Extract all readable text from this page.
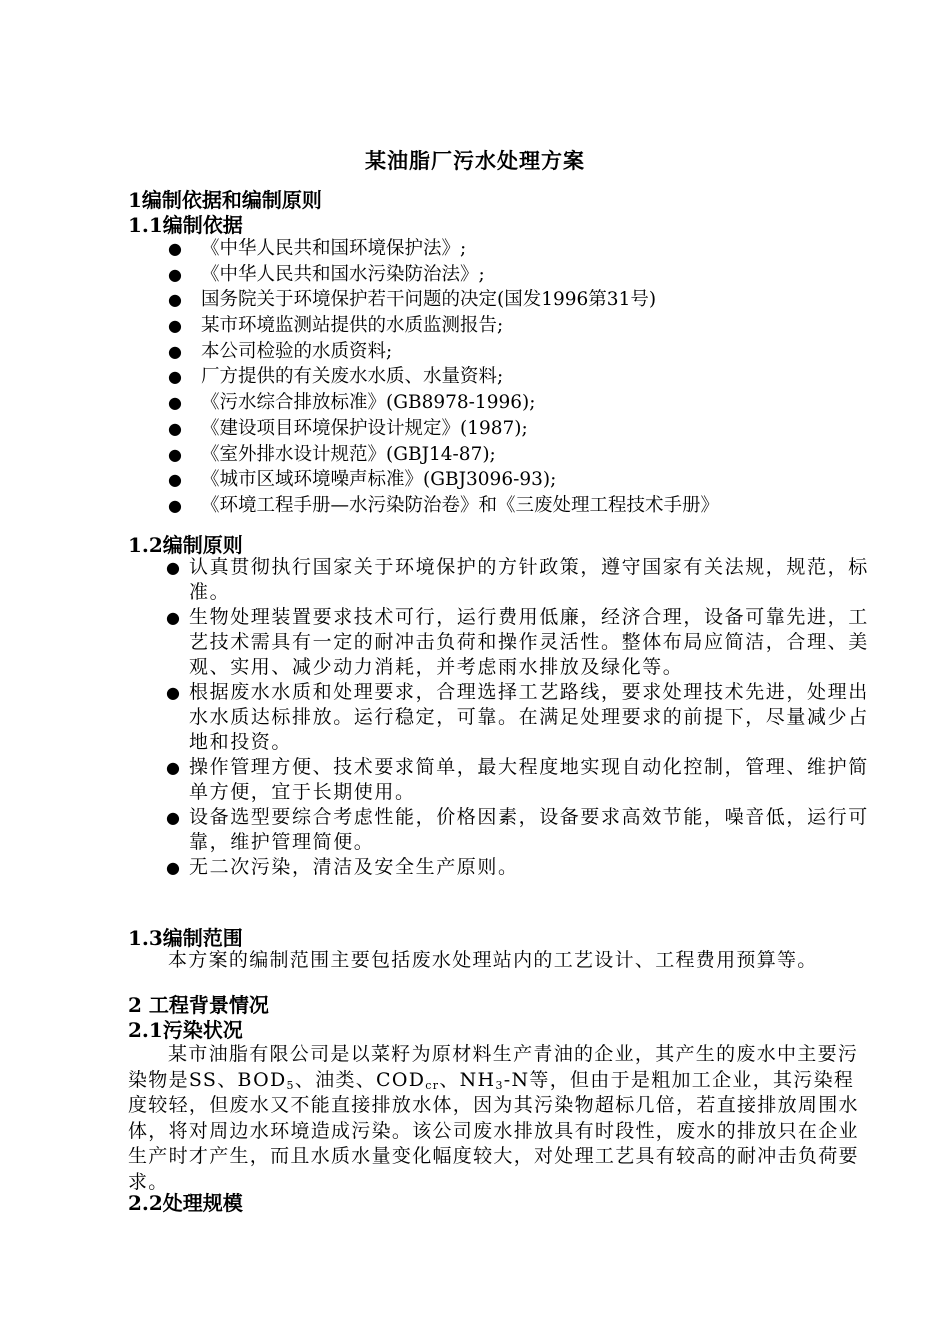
某油脂厂污水处理方案
1编制依据和编制原则
1.1编制依据
● 《中华人民共和国环境保护法》;
● 《中华人民共和国水污染防治法》;
● 国务院关于环境保护若干问题的决定(国发1996第31号)
● 某市环境监测站提供的水质监测报告;
● 本公司检验的水质资料;
● 厂方提供的有关废水水质、水量资料;
● 《污水综合排放标准》(GB8978-1996);
● 《建设项目环境保护设计规定》(1987);
● 《室外排水设计规范》(GBJ14-87);
● 《城市区域环境噪声标准》(GBJ3096-93);
● 《环境工程手册—水污染防治卷》和《三废处理工程技术手册》
1.2编制原则
● 认真贯彻执行国家关于环境保护的方针政策，遵守国家有关法规，规范，标准。
● 生物处理装置要求技术可行，运行费用低廉，经济合理，设备可靠先进，工艺技术需具有一定的耐冲击负荷和操作灵活性。整体布局应简洁，合理、美观、实用、减少动力消耗，并考虑雨水排放及绿化等。
● 根据废水水质和处理要求，合理选择工艺路线，要求处理技术先进，处理出水水质达标排放。运行稳定，可靠。在满足处理要求的前提下，尽量减少占地和投资。
● 操作管理方便、技术要求简单，最大程度地实现自动化控制，管理、维护简单方便，宜于长期使用。
● 设备选型要综合考虑性能，价格因素，设备要求高效节能，噪音低，运行可靠，维护管理简便。
● 无二次污染，清洁及安全生产原则。
1.3编制范围
本方案的编制范围主要包括废水处理站内的工艺设计、工程费用预算等。
2 工程背景情况
2.1污染状况
某市油脂有限公司是以菜籽为原材料生产青油的企业，其产生的废水中主要污染物是SS、$BOD_5$、油类、$COD_{cr}$、$NH_3-N$等，但由于是粗加工企业，其污染程度较轻，但废水又不能直接排放水体，因为其污染物超标几倍，若直接排放周围水体，将对周边水环境造成污染。该公司废水排放具有时段性，废水的排放只在企业生产时才产生，而且水质水量变化幅度较大，对处理工艺具有较高的耐冲击负荷要求。
2.2处理规模
